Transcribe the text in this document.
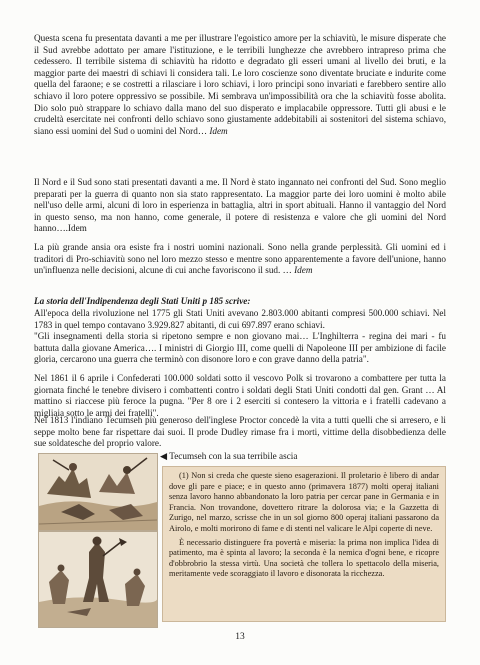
Questa scena fu presentata davanti a me per illustrare l'egoistico amore per la schiavitù, le misure disperate che il Sud avrebbe adottato per amare l'istituzione, e le terribili lunghezze che avrebbero intrapreso prima che cedessero. Il terribile sistema di schiavitù ha ridotto e degradato gli esseri umani al livello dei bruti, e la maggior parte dei maestri di schiavi li considera tali. Le loro coscienze sono diventate bruciate e indurite come quella del faraone; e se costretti a rilasciare i loro schiavi, i loro principi sono invariati e farebbero sentire allo schiavo il loro potere oppressivo se possibile. Mi sembrava un'impossibilità ora che la schiavitù fosse abolita. Dio solo può strappare lo schiavo dalla mano del suo disperato e implacabile oppressore. Tutti gli abusi e le crudeltà esercitate nei confronti dello schiavo sono giustamente addebitabili ai sostenitori del sistema schiavo, siano essi uomini del Sud o uomini del Nord… Idem

Il Nord e il Sud sono stati presentati davanti a me. Il Nord è stato ingannato nei confronti del Sud. Sono meglio preparati per la guerra di quanto non sia stato rappresentato. La maggior parte dei loro uomini è molto abile nell'uso delle armi, alcuni di loro in esperienza in battaglia, altri in sport abituali. Hanno il vantaggio del Nord in questo senso, ma non hanno, come generale, il potere di resistenza e valore che gli uomini del Nord hanno….Idem

La più grande ansia ora esiste fra i nostri uomini nazionali. Sono nella grande perplessità. Gli uomini ed i traditori di Pro-schiavitù sono nel loro mezzo stesso e mentre sono apparentemente a favore dell'unione, hanno un'influenza nelle decisioni, alcune di cui anche favoriscono il sud. … Idem

La storia dell'Indipendenza degli Stati Uniti p 185 scrive:

All'epoca della rivoluzione nel 1775 gli Stati Uniti avevano 2.803.000 abitanti compresi 500.000 schiavi. Nel 1783 in quel tempo contavano 3.929.827 abitanti, di cui 697.897 erano schiavi.

"Gli insegnamenti della storia si ripetono sempre e non giovano mai… L'Inghilterra - regina dei mari - fu battuta dalla giovane America…. I ministri di Giorgio III, come quelli di Napoleone III per ambizione di facile gloria, cercarono una guerra che terminò con disonore loro e con grave danno della patria".

Nel 1861 il 6 aprile i Confederati 100.000 soldati sotto il vescovo Polk si trovarono a combattere per tutta la giornata finché le tenebre divisero i combattenti contro i soldati degli Stati Uniti condotti dal gen. Grant … Al mattino si riaccese più feroce la pugna. "Per 8 ore i 2 eserciti si contesero la vittoria e i fratelli cadevano a migliaia sotto le armi dei fratelli".

Nel 1813 l'indiano Tecumseh più generoso dell'inglese Proctor concedè la vita a tutti quelli che si arresero, e li seppe molto bene far rispettare dai suoi. Il prode Dudley rimase fra i morti, vittime della disobbedienza delle sue soldatesche del proprio valore.

◀ Tecumseh con la sua terribile ascia

(1) Non si creda che queste sieno esagerazioni. Il proletario è libero di andar dove gli pare e piace; e in questo anno (primavera 1877) molti operaj italiani senza lavoro hanno abbandonato la loro patria per cercar pane in Germania e in Francia. Non trovandone, dovettero ritrare la dolorosa via; e la Gazzetta di Zurigo, nel marzo, scrisse che in un sol giorno 800 operaj italiani passarono da Airolo, e molti morirono di fame e di stenti nel valicare le Alpi coperte di neve.

È necessario distinguere fra povertà e miseria: la prima non implica l'idea di patimento, ma è spinta al lavoro; la seconda è la nemica d'ogni bene, e ricopre d'obbrobrio la stessa virtù. Una società che tollera lo spettacolo della miseria, meritamente vede scoraggiato il lavoro e disonorata la ricchezza.

13
